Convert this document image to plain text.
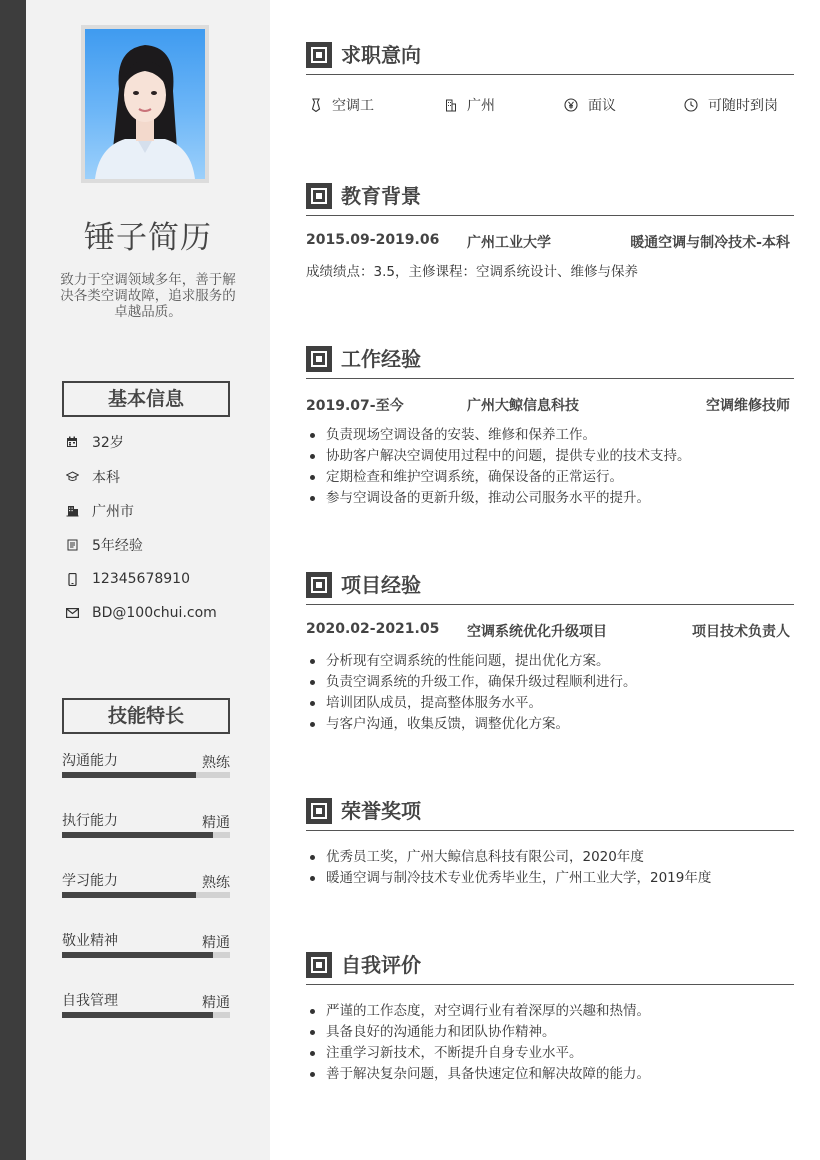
锤子简历
致力于空调领域多年，善于解决各类空调故障，追求服务的卓越品质。
基本信息
32岁
本科
广州市
5年经验
12345678910
BD@100chui.com
技能特长
沟通能力	熟练
执行能力	精通
学习能力	熟练
敬业精神	精通
自我管理	精通
求职意向
空调工	广州	面议	可随时到岗
教育背景
2015.09-2019.06 广州工业大学	暖通空调与制冷技术-本科
成绩绩点：3.5，主修课程：空调系统设计、维修与保养
工作经验
2019.07-至今	广州大鲸信息科技	空调维修技师
负责现场空调设备的安装、维修和保养工作。
协助客户解决空调使用过程中的问题，提供专业的技术支持。
定期检查和维护空调系统，确保设备的正常运行。
参与空调设备的更新升级，推动公司服务水平的提升。
项目经验
2020.02-2021.05 空调系统优化升级项目	项目技术负责人
分析现有空调系统的性能问题，提出优化方案。
负责空调系统的升级工作，确保升级过程顺利进行。
培训团队成员，提高整体服务水平。
与客户沟通，收集反馈，调整优化方案。
荣誉奖项
优秀员工奖，广州大鲸信息科技有限公司，2020年度
暖通空调与制冷技术专业优秀毕业生，广州工业大学，2019年度
自我评价
严谨的工作态度，对空调行业有着深厚的兴趣和热情。
具备良好的沟通能力和团队协作精神。
注重学习新技术，不断提升自身专业水平。
善于解决复杂问题，具备快速定位和解决故障的能力。
